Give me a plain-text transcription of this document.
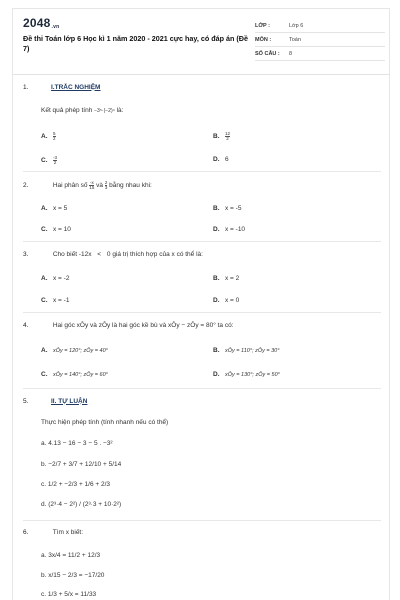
2048.vn
Đề thi Toán lớp 6 Học kì 1 năm 2020 - 2021 cực hay, có đáp án (Đề 7)
LỚP :	Lớp 6
MÔN :	Toán
SỐ CÂU :	8
1.	I.TRẮC NGHIỆM
Kết quả phép tính −3⁵·(−2)⁴ là:
A. $\frac{5}{2}$	B. $\frac{12}{2}$
C. $\frac{-3}{2}$	D. 6
2.	Hai phân số $\frac{-x}{15}$ và $\frac{2}{3}$ bằng nhau khi:
A. x = 5	B. x = -5
C. x = 10	D. x = -10
3.	Cho biết -12x < 0 giá trị thích hợp của x có thể là:
A. x = -2	B. x = 2
C. x = -1	D. x = 0
4.	Hai góc xÔy và zÔy là hai góc kề bù và xÔy − zÔy = 80° ta có:
A. xÔy = 120°; zÔy = 40°	B. xÔy = 110°; zÔy = 30°
C. xÔy = 140°; zÔy = 60°	D. xÔy = 130°; zÔy = 50°
5.	II. TỰ LUẬN
Thực hiện phép tính (tính nhanh nếu có thể)
a. 4.13 − 16 − 3 − 5 . −3²
b. −2/7 + 3/7 + 12/10 + 5/14
c. 1/2 + −2/3 + 1/6 + 2/3
d. (2³·4 − 2²) / (2³·3 + 10·2²)
6.	Tìm x biết:
a. 3x/4 = 11/2 + 12/3
b. x/15 − 2/3 = −17/20
c. 1/3 + 5/x = 11/33
